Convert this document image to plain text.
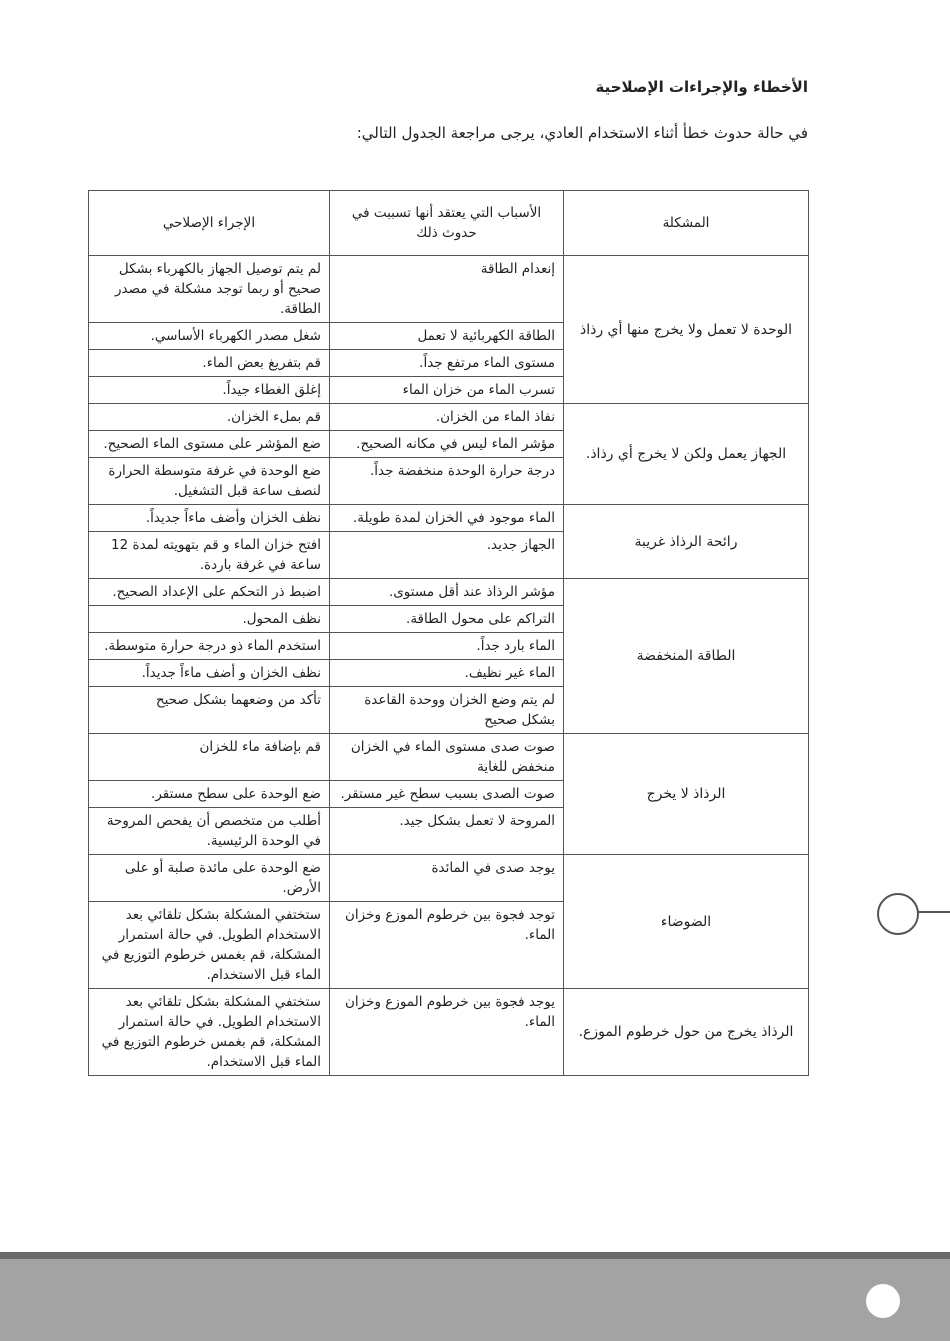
الأخطاء والإجراءات الإصلاحية
في حالة حدوث خطأ أثناء الاستخدام العادي، يرجى مراجعة الجدول التالي:
المشكلة	الأسباب التي يعتقد أنها تسببت في حدوث ذلك	الإجراء الإصلاحي
الوحدة لا تعمل ولا يخرج منها أي رذاذ	إنعدام الطاقة	لم يتم توصيل الجهاز بالكهرباء بشكل صحيح أو ربما توجد مشكلة في مصدر الطاقة.
	الطاقة الكهربائية لا تعمل	شغل مصدر الكهرباء الأساسي.
	مستوى الماء مرتفع جداً.	قم بتفريغ بعض الماء.
	تسرب الماء من خزان الماء	إغلق الغطاء جيداً.
الجهاز يعمل ولكن لا يخرج أي رذاذ.	نفاذ الماء من الخزان.	قم بملء الخزان.
	مؤشر الماء ليس في مكانه الصحيح.	ضع المؤشر على مستوى الماء الصحيح.
	درجة حرارة الوحدة منخفضة جداً.	ضع الوحدة في غرفة متوسطة الحرارة لنصف ساعة قبل التشغيل.
رائحة الرذاذ غريبة	الماء موجود في الخزان لمدة طويلة.	نظف الخزان وأضف ماءاً جديداً.
	الجهاز جديد.	افتح خزان الماء و قم بتهويته لمدة 12 ساعة في غرفة باردة.
الطاقة المنخفضة	مؤشر الرذاذ عند أقل مستوى.	اضبط ذر التحكم على الإعداد الصحيح.
	التراكم على محول الطاقة.	نظف المحول.
	الماء بارد جداً.	استخدم الماء ذو درجة حرارة متوسطة.
	الماء غير نظيف.	نظف الخزان و أضف ماءاً جديداً.
	لم يتم وضع الخزان ووحدة القاعدة بشكل صحيح	تأكد من وضعهما بشكل صحيح
الرذاذ لا يخرج	صوت صدى مستوى الماء في الخزان منخفض للغاية	قم بإضافة ماء للخزان
	صوت الصدى بسبب سطح غير مستقر.	ضع الوحدة على سطح مستقر.
	المروحة لا تعمل بشكل جيد.	أطلب من متخصص أن يفحص المروحة في الوحدة الرئيسية.
الضوضاء	يوجد صدى في المائدة	ضع الوحدة على مائدة صلبة أو على الأرض.
	توجد فجوة بين خرطوم الموزع وخزان الماء.	ستختفي المشكلة بشكل تلقائي بعد الاستخدام الطويل. في حالة استمرار المشكلة، قم بغمس خرطوم التوزيع في الماء قبل الاستخدام.
الرذاذ يخرج من حول خرطوم الموزع.	يوجد فجوة بين خرطوم الموزع وخزان الماء.	ستختفي المشكلة بشكل تلقائي بعد الاستخدام الطويل. في حالة استمرار المشكلة، قم بغمس خرطوم التوزيع في الماء قبل الاستخدام.
